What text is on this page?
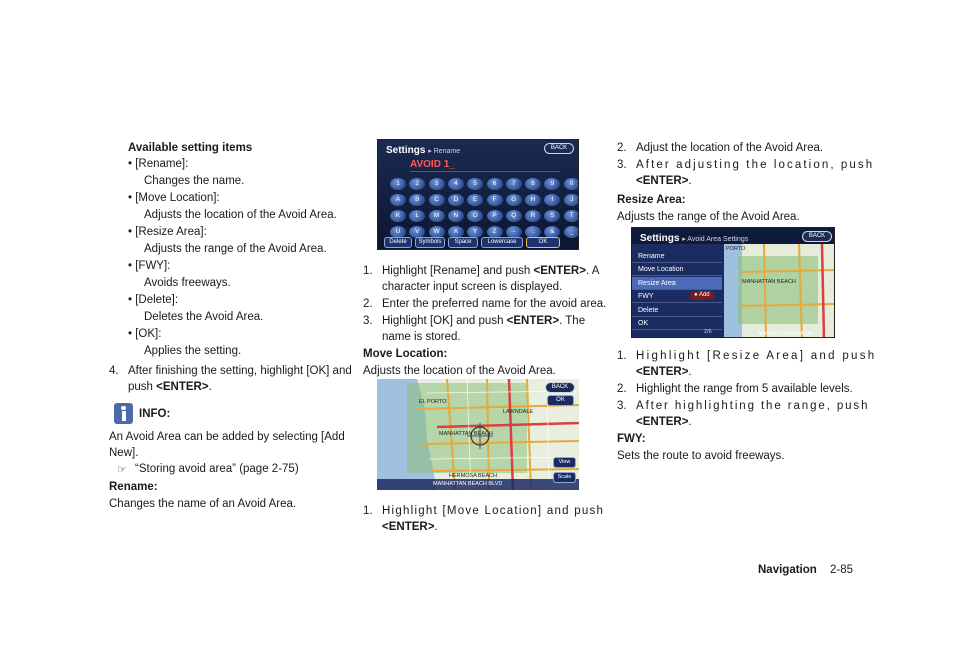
Available setting items
• [Rename]:
Changes the name.
• [Move Location]:
Adjusts the location of the Avoid Area.
• [Resize Area]:
Adjusts the range of the Avoid Area.
• [FWY]:
Avoids freeways.
• [Delete]:
Deletes the Avoid Area.
• [OK]:
Applies the setting.
4. After finishing the setting, highlight [OK] and
push <ENTER>.
INFO:
An Avoid Area can be added by selecting [Add
New].
☞ “Storing avoid area” (page 2-75)
Rename:
Changes the name of an Avoid Area.
Settings ▸ Rename	BACK
AVOID 1_
1	2	3	4	5	6	7	8	9	0
A	B	C	D	E	F	G	H	I	J
K	L	M	N	O	P	Q	R	S	T
U	V	W	X	Y	Z	-	.	&	_
Delete	Symbols	Space	Lowercase	OK
1. Highlight [Rename] and push <ENTER>. A
character input screen is displayed.
2. Enter the preferred name for the avoid area.
3. Highlight [OK] and push <ENTER>. The
name is stored.
Move Location:
Adjusts the location of the Avoid Area.
1. Highlight [Move Location] and push
<ENTER>.
EL PORTO
LAWNDALE
MANHATTAN BEACH
HERMOSA BEACH
MANHATTAN BEACH BLVD
BACK
OK
View
Scale
2. Adjust the location of the Avoid Area.
3. After adjusting the location, push
<ENTER>.
Resize Area:
Adjusts the range of the Avoid Area.
1. Highlight [Resize Area] and push
<ENTER>.
2. Highlight the range from 5 available levels.
3. After highlighting the range, push
<ENTER>.
FWY:
Sets the route to avoid freeways.
PORTO
MANHATTAN BEACH
MANHATTAN BEACH
Settings ▸ Avoid Area Settings	BACK
Rename
Move Location
Resize Area
FWY
Delete
OK
● Add
2/6
Navigation 2-85
